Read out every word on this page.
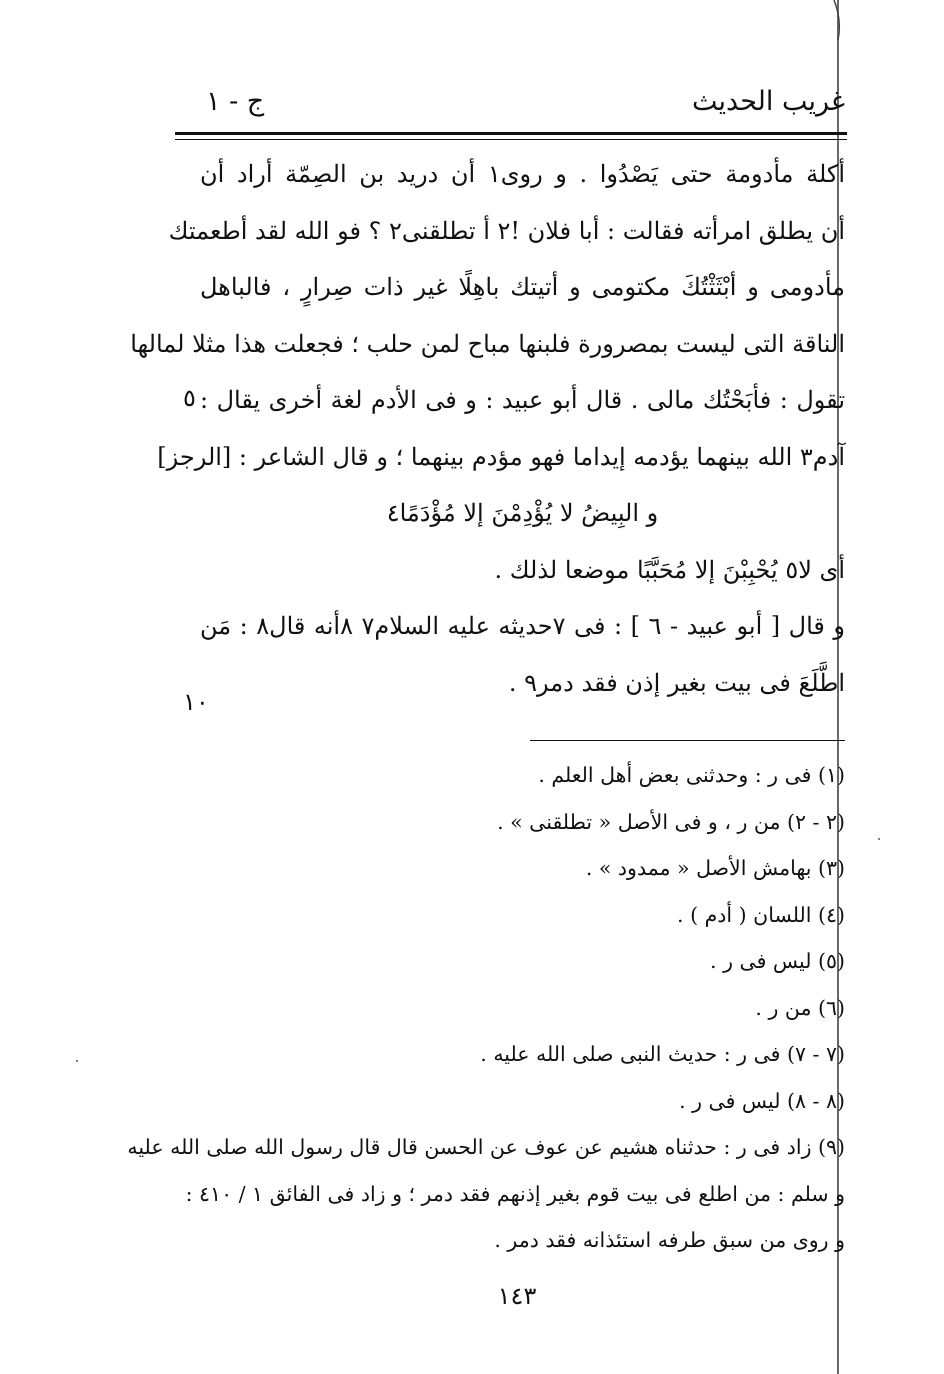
غريب الحديث
ج - ١
أكلة مأدومة حتى يَصْدُوا . و روى١ أن دريد بن الصِمّة أراد أن
أن يطلق امرأته فقالت : أبا فلان !٢ أ تطلقنى٢ ؟ فو الله لقد أطعمتك
مأدومى و أبْثَثْتُكَ مكتومى و أتيتك باهِلًا غير ذات صِرارٍ ، فالباهل
الناقة التى ليست بمصرورة فلبنها مباح لمن حلب ؛ فجعلت هذا مثلا لمالها
تقول : فأبَحْتُك مالى . قال أبو عبيد : و فى الأدم لغة أخرى يقال :
آدم٣ الله بينهما يؤدمه إيداما فهو مؤدم بينهما ؛ و قال الشاعر : [الرجز]
و البِيضُ لا يُؤْدِمْنَ إلا مُؤْدَمًا٤
أى لا٥ يُحْبِبْنَ إلا مُحَبَّبًا موضعا لذلك .
و قال [ أبو عبيد - ٦ ] : فى ٧حديثه عليه السلام٧ ٨أنه قال٨ : مَن
اطَّلَعَ فى بيت بغير إذن فقد دمر٩ .
٥
١٠
(١) فى ر : وحدثنى بعض أهل العلم .
(٢ - ٢) من ر ، و فى الأصل « تطلقنى » .
(٣) بهامش الأصل « ممدود » .
(٤) اللسان ( أدم ) .
(٥) ليس فى ر .
(٦) من ر .
(٧ - ٧) فى ر : حديث النبى صلى الله عليه .
(٨ - ٨) ليس فى ر .
(٩) زاد فى ر : حدثناه هشيم عن عوف عن الحسن قال قال رسول الله صلى الله عليه
و سلم : من اطلع فى بيت قوم بغير إذنهم فقد دمر ؛ و زاد فى الفائق ١ / ٤١٠ :
و روى من سبق طرفه استئذانه فقد دمر .
١٤٣
